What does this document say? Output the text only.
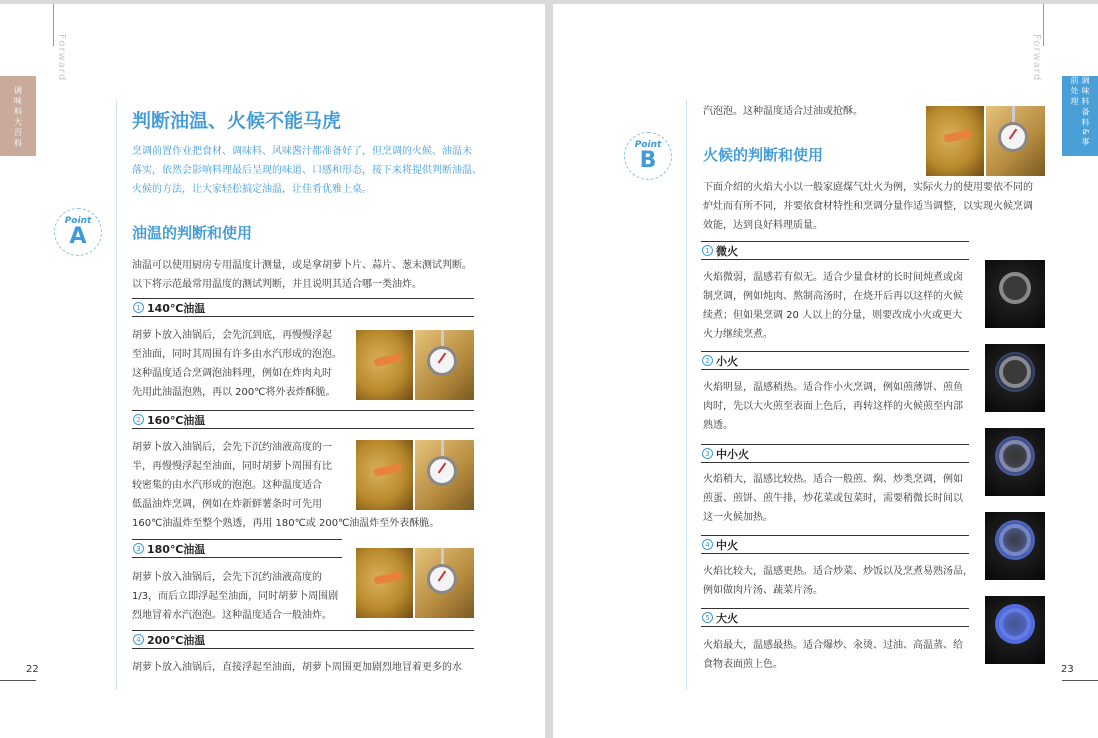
Forward
调 味 料 大 百 科	判断油温、火候不能马虎
烹调前置作业把食材、调味料、风味酱汁都准备好了，但烹调的火候、油温未
落实，依然会影响料理最后呈现的味道、口感和形态，接下来将提供判断油温、
火候的方法，让大家轻松搞定油温，让佳肴优雅上桌。
Point
A	油温的判断和使用
油温可以使用厨房专用温度计测量，或是拿胡萝卜片、蒜片、葱末测试判断。
以下将示范最常用温度的测试判断，并且说明其适合哪一类油炸。
1 140℃油温
胡萝卜放入油锅后，会先沉到底，再慢慢浮起
至油面，同时其周围有许多由水汽形成的泡泡。
这种温度适合烹调泡油料理，例如在炸肉丸时
先用此油温泡熟，再以 200℃将外表炸酥脆。
2 160℃油温
胡萝卜放入油锅后，会先下沉约油液高度的一
半，再慢慢浮起至油面，同时胡萝卜周围有比
较密集的由水汽形成的泡泡。这种温度适合
低温油炸烹调，例如在炸新鲜薯条时可先用
160℃油温炸至整个熟透，再用 180℃或 200℃油温炸至外表酥脆。
3 180℃油温
胡萝卜放入油锅后，会先下沉约油液高度的
1/3，而后立即浮起至油面，同时胡萝卜周围剧
烈地冒着水汽泡泡。这种温度适合一般油炸。
4 200℃油温
胡萝卜放入油锅后，直接浮起至油面，胡萝卜周围更加剧烈地冒着更多的水
22
Forward
调 味 料 备 料 & 事 前 处 理
汽泡泡。这种温度适合过油或抢酥。
Point
B	火候的判断和使用
下面介绍的火焰大小以一般家庭煤气灶火为例，实际火力的使用要依不同的
炉灶而有所不同，并要依食材特性和烹调分量作适当调整，以实现火候烹调
效能，达到良好料理质量。
1 微火
火焰微弱，温感若有似无。适合少量食材的长时间炖煮或卤
制烹调，例如炖肉、熬制高汤时，在烧开后再以这样的火候
续煮；但如果烹调 20 人以上的分量，则要改成小火或更大
火力继续烹煮。
2 小火
火焰明显，温感稍热。适合作小火烹调，例如煎薄饼、煎鱼
肉时，先以大火煎至表面上色后，再转这样的火候煎至内部
熟透。
3 中小火
火焰稍大，温感比较热。适合一般煎、焖、炒类烹调，例如
煎蛋、煎饼、煎牛排，炒花菜或包菜时，需要稍微长时间以
这一火候加热。
4 中火
火焰比较大，温感更热。适合炒菜、炒饭以及烹煮易熟汤品，
例如做肉片汤、蔬菜片汤。
5 大火
火焰最大，温感最热。适合爆炒、汆烫、过油、高温蒸、给
食物表面煎上色。	23
